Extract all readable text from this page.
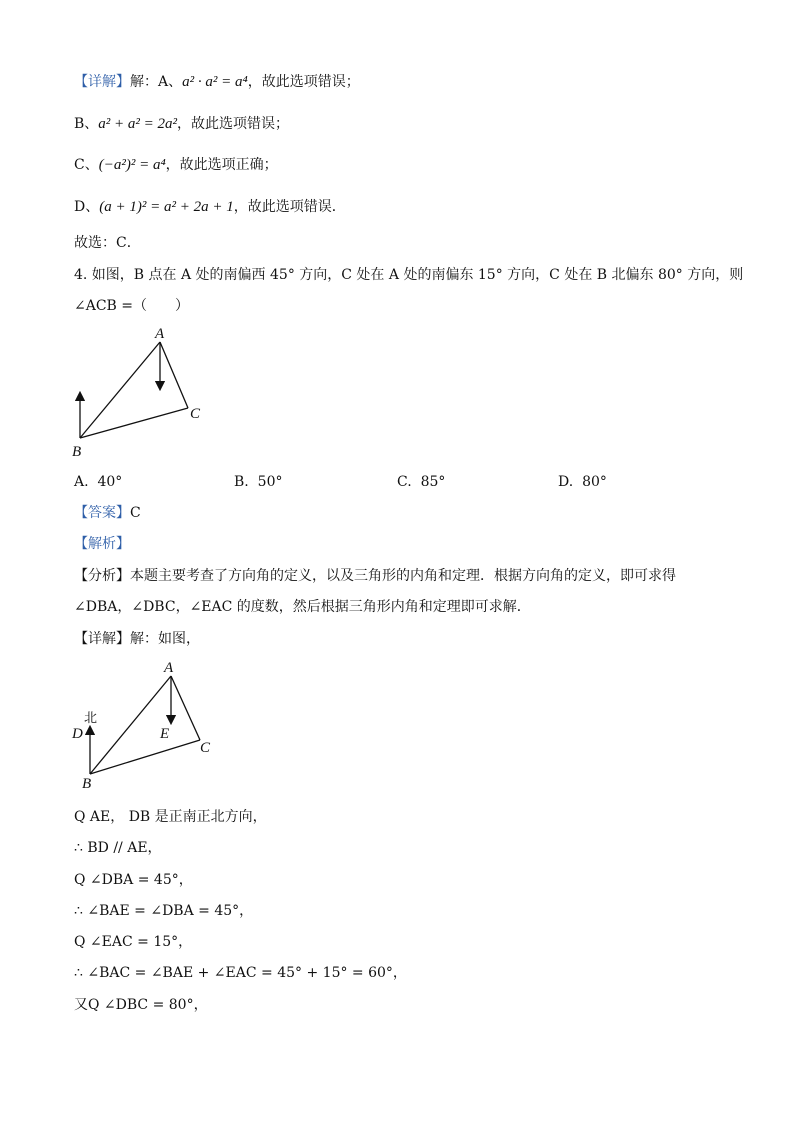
【详解】解：A、a² · a² = a⁴，故此选项错误；
B、a² + a² = 2a²，故此选项错误；
C、(−a²)² = a⁴，故此选项正确；
D、(a + 1)² = a² + 2a + 1，故此选项错误．
故选：C．
4. 如图，B 点在 A 处的南偏西 45° 方向，C 处在 A 处的南偏东 15° 方向，C 处在 B 北偏东 80° 方向，则
∠ACB =（　　）
A
B
C
A. 40°	B. 50°	C. 85°	D. 80°
【答案】C
【解析】
【分析】本题主要考查了方向角的定义，以及三角形的内角和定理．根据方向角的定义，即可求得
∠DBA，∠DBC，∠EAC 的度数，然后根据三角形内角和定理即可求解．
【详解】解：如图，
A
B
C
D	E
北
Q AE， DB 是正南正北方向，
∴ BD // AE，
Q ∠DBA = 45°，
∴ ∠BAE = ∠DBA = 45°，
Q ∠EAC = 15°，
∴ ∠BAC = ∠BAE + ∠EAC = 45° + 15° = 60°，
又Q ∠DBC = 80°，
